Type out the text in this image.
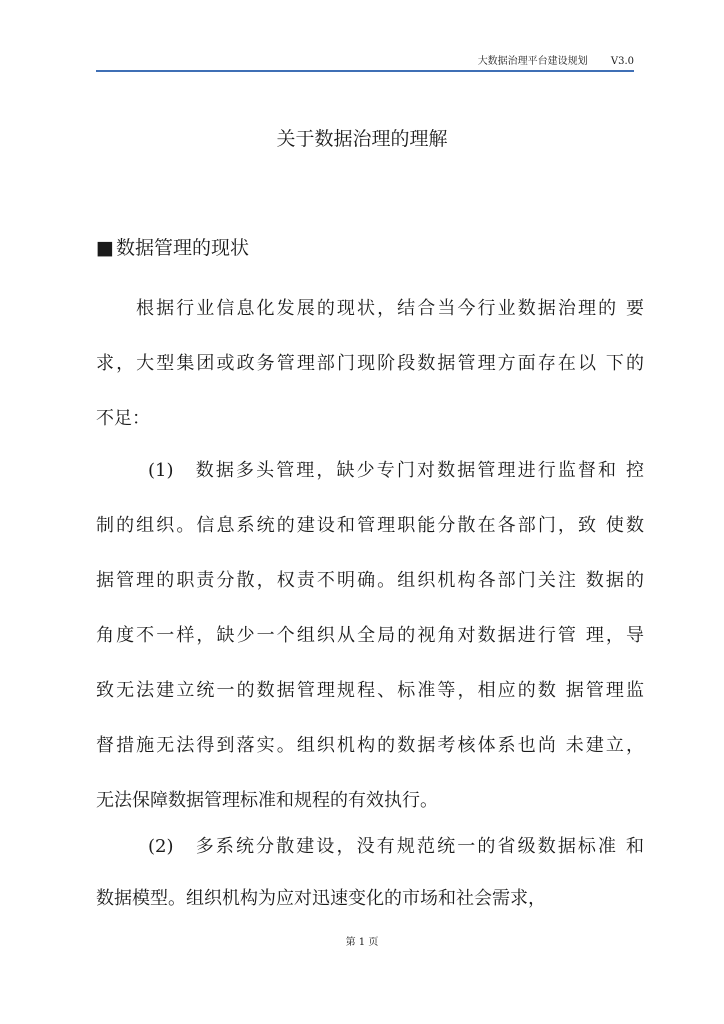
大数据治理平台建设规划 V3.0
关于数据治理的理解
■ 数据管理的现状
根据行业信息化发展的现状，结合当今行业数据治理的 要
求，大型集团或政务管理部门现阶段数据管理方面存在以 下的
不足：
(1)　数据多头管理，缺少专门对数据管理进行监督和 控
制的组织。信息系统的建设和管理职能分散在各部门，致 使数
据管理的职责分散，权责不明确。组织机构各部门关注 数据的
角度不一样，缺少一个组织从全局的视角对数据进行管 理，导
致无法建立统一的数据管理规程、标准等，相应的数 据管理监
督措施无法得到落实。组织机构的数据考核体系也尚 未建立，
无法保障数据管理标准和规程的有效执行。
(2)　多系统分散建设，没有规范统一的省级数据标准 和
数据模型。组织机构为应对迅速变化的市场和社会需求，
第 1 页
